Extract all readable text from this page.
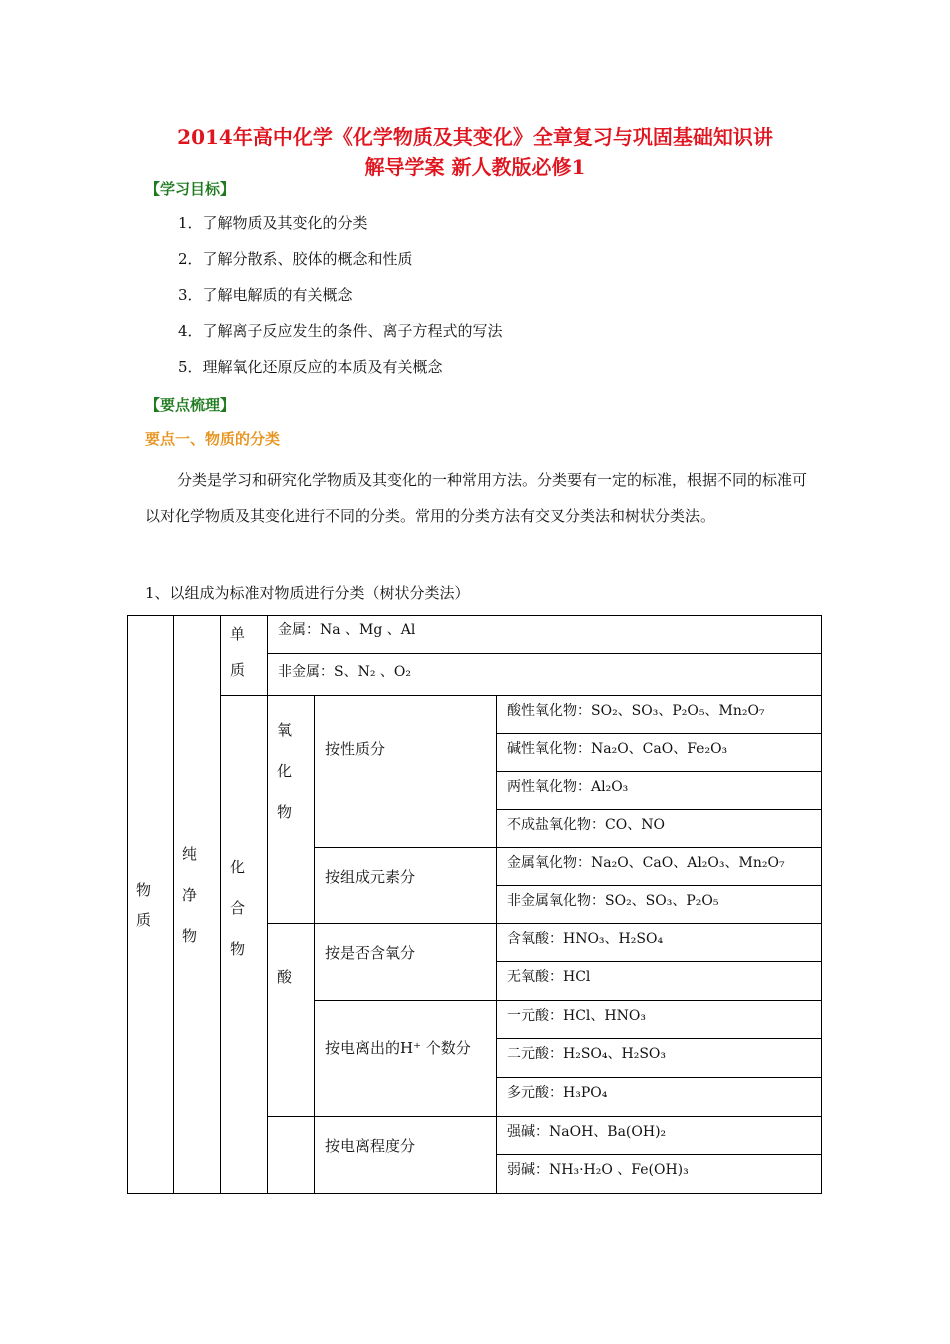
2014年高中化学《化学物质及其变化》全章复习与巩固基础知识讲
解导学案 新人教版必修1
【学习目标】
1．了解物质及其变化的分类
2．了解分散系、胶体的概念和性质
3．了解电解质的有关概念
4．了解离子反应发生的条件、离子方程式的写法
5．理解氧化还原反应的本质及有关概念
【要点梳理】
要点一、物质的分类

分类是学习和研究化学物质及其变化的一种常用方法。分类要有一定的标准，根据不同的标准可以对化学物质及其变化进行不同的分类。常用的分类方法有交叉分类法和树状分类法。

1、以组成为标准对物质进行分类（树状分类法）
物
质
纯
净
物
单
质
化
合
物
金属：Na 、Mg 、Al
非金属：S、N₂ 、O₂
氧
化
物
酸
按性质分
按组成元素分
按是否含氧分
按电离出的H⁺ 个数分
按电离程度分
酸性氧化物：SO₂、SO₃、P₂O₅、Mn₂O₇
碱性氧化物：Na₂O、CaO、Fe₂O₃
两性氧化物：Al₂O₃
不成盐氧化物：CO、NO
金属氧化物：Na₂O、CaO、Al₂O₃、Mn₂O₇
非金属氧化物：SO₂、SO₃、P₂O₅
含氧酸：HNO₃、H₂SO₄
无氧酸：HCl
一元酸：HCl、HNO₃
二元酸：H₂SO₄、H₂SO₃
多元酸：H₃PO₄
强碱：NaOH、Ba(OH)₂
弱碱：NH₃·H₂O 、Fe(OH)₃
